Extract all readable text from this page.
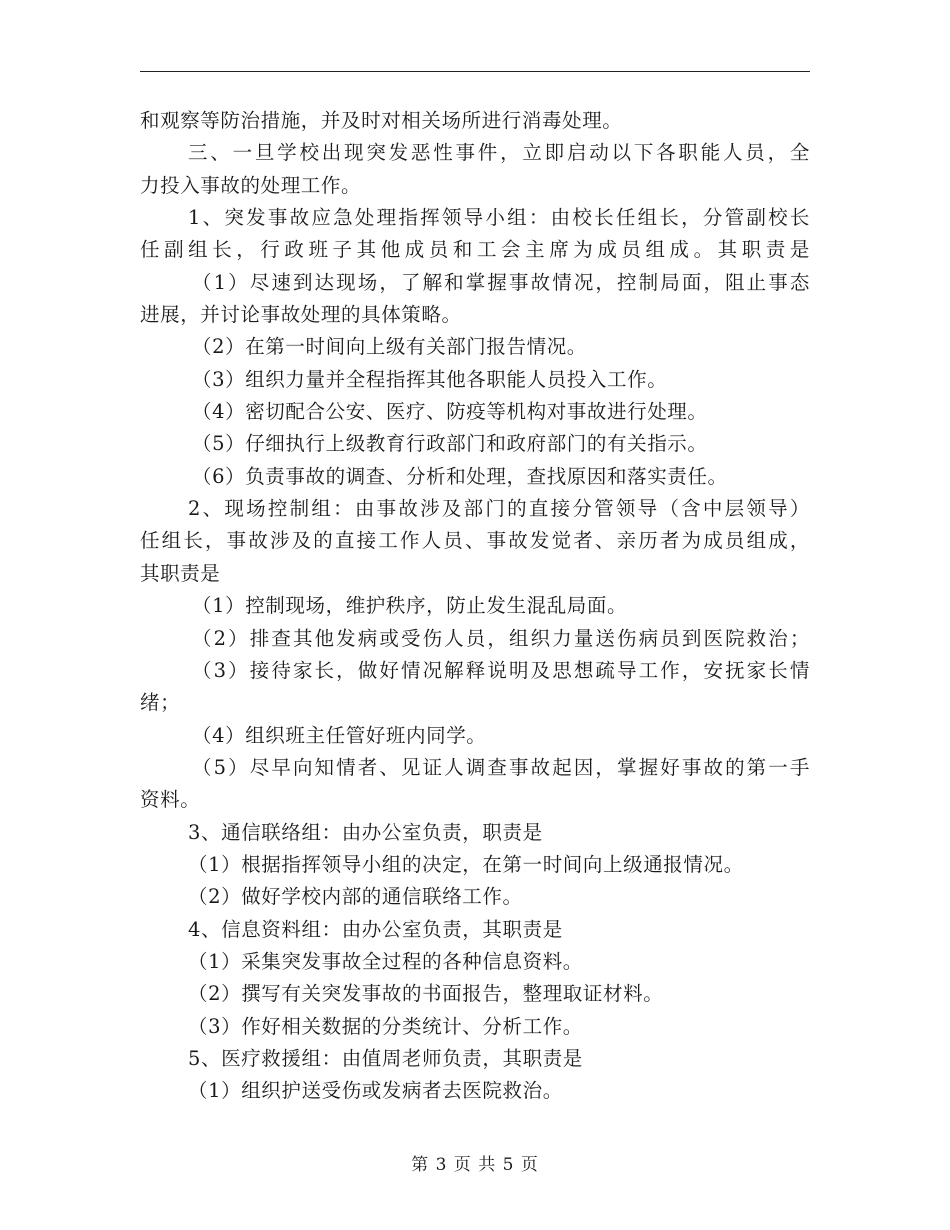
和观察等防治措施，并及时对相关场所进行消毒处理。
三、一旦学校出现突发恶性事件，立即启动以下各职能人员，全
力投入事故的处理工作。
1、突发事故应急处理指挥领导小组：由校长任组长，分管副校长
任副组长，行政班子其他成员和工会主席为成员组成。其职责是
（1）尽速到达现场，了解和掌握事故情况，控制局面，阻止事态
进展，并讨论事故处理的具体策略。
（2）在第一时间向上级有关部门报告情况。
（3）组织力量并全程指挥其他各职能人员投入工作。
（4）密切配合公安、医疗、防疫等机构对事故进行处理。
（5）仔细执行上级教育行政部门和政府部门的有关指示。
（6）负责事故的调查、分析和处理，查找原因和落实责任。
2、现场控制组：由事故涉及部门的直接分管领导（含中层领导）
任组长，事故涉及的直接工作人员、事故发觉者、亲历者为成员组成，
其职责是
（1）控制现场，维护秩序，防止发生混乱局面。
（2）排查其他发病或受伤人员，组织力量送伤病员到医院救治；
（3）接待家长，做好情况解释说明及思想疏导工作，安抚家长情
绪；
（4）组织班主任管好班内同学。
（5）尽早向知情者、见证人调查事故起因，掌握好事故的第一手
资料。
3、通信联络组：由办公室负责，职责是
（1）根据指挥领导小组的决定，在第一时间向上级通报情况。
（2）做好学校内部的通信联络工作。
4、信息资料组：由办公室负责，其职责是
（1）采集突发事故全过程的各种信息资料。
（2）撰写有关突发事故的书面报告，整理取证材料。
（3）作好相关数据的分类统计、分析工作。
5、医疗救援组：由值周老师负责，其职责是
（1）组织护送受伤或发病者去医院救治。
第 3 页 共 5 页
